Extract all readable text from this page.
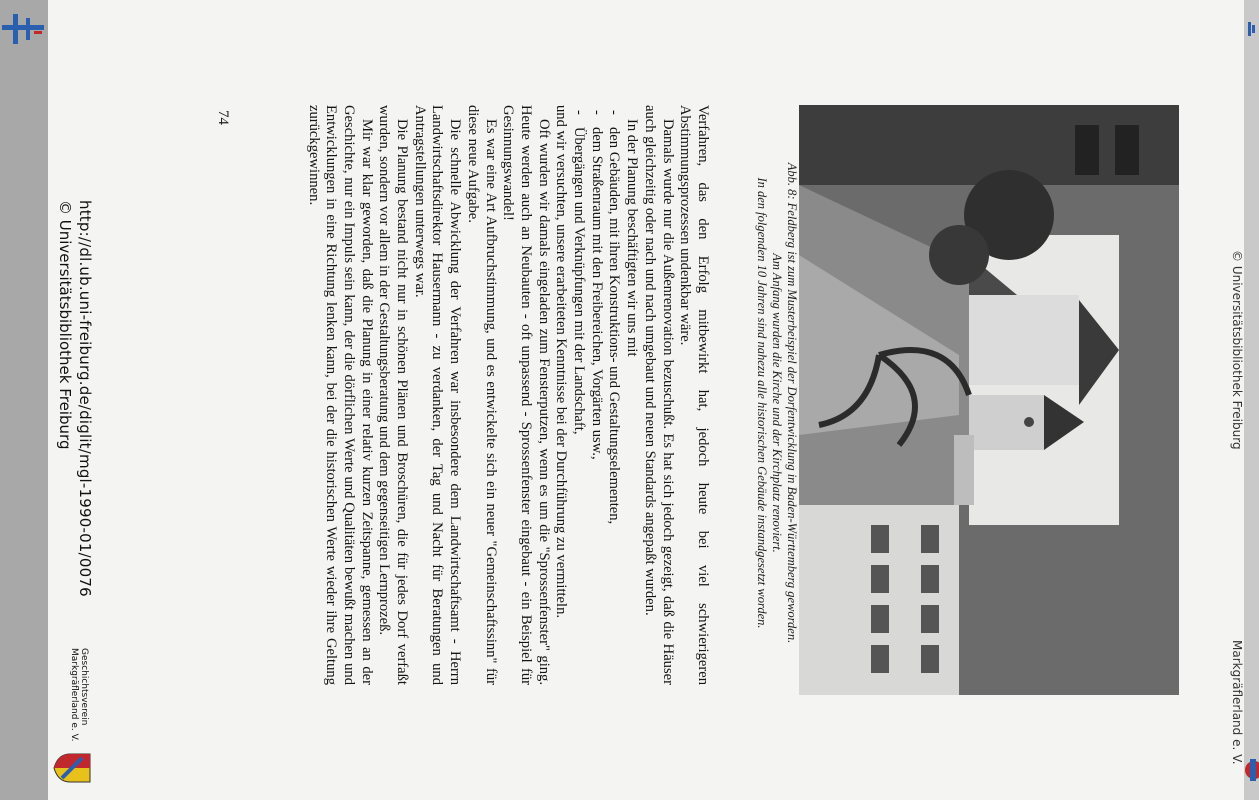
© Universitätsbibliothek Freiburg
Markgräflerland e. V.
Abb. 8: Feldberg ist zum Musterbeispiel der Dorfentwicklung in Baden-Württemberg geworden.
Am Anfang wurden die Kirche und der Kirchplatz renoviert.
In den folgenden 10 Jahren sind nahezu alle historischen Gebäude instandgesetzt worden.

Verfahren, das den Erfolg mitbewirkt hat, jedoch heute bei viel schwierigeren Abstimmungsprozessen undenkbar wäre.

Damals wurde nur die Außenrenovation bezuschußt. Es hat sich jedoch gezeigt, daß die Häuser auch gleichzeitig oder nach und nach umgebaut und neuen Standards angepaßt wurden.

In der Planung beschäftigten wir uns mit

- den Gebäuden, mit ihren Konstruktions- und Gestaltungselementen,
- dem Straßenraum mit den Freibereichen, Vorgärten usw.,
- Übergängen und Verknüpfungen mit der Landschaft,

und wir versuchten, unsere erarbeiteten Kenntnisse bei der Durchführung zu vermitteln.

Oft wurden wir damals eingeladen zum Fensterputzen, wenn es um die "Sprossenfenster" ging. Heute werden auch an Neubauten - oft unpassend - Sprossenfenster eingebaut - ein Beispiel für Gesinnungswandel!

Es war eine Art Aufbruchstimmung, und es entwickelte sich ein neuer "Gemeinschaftssinn" für diese neue Aufgabe.

Die schnelle Abwicklung der Verfahren war insbesondere dem Landwirtschaftsamt - Herrn Landwirtschaftsdirektor Hausermann - zu verdanken, der Tag und Nacht für Beratungen und Antragstellungen unterwegs war.

Die Planung bestand nicht nur in schönen Plänen und Broschüren, die für jedes Dorf verfaßt wurden, sondern vor allem in der Gestaltungsberatung und dem gegenseitigen Lernprozeß.

Mir war klar geworden, daß die Planung in einer relativ kurzen Zeitspanne, gemessen an der Geschichte, nur ein Impuls sein kann, der die dörflichen Werte und Qualitäten bewußt machen und Entwicklungen in eine Richtung lenken kann, bei der die historischen Werte wieder ihre Geltung zurückgewinnen.

74
http://dl.ub.uni-freiburg.de/diglit/mgl-1990-01/0076
© Universitätsbibliothek Freiburg
Geschichtsverein
Markgräflerland e. V.
